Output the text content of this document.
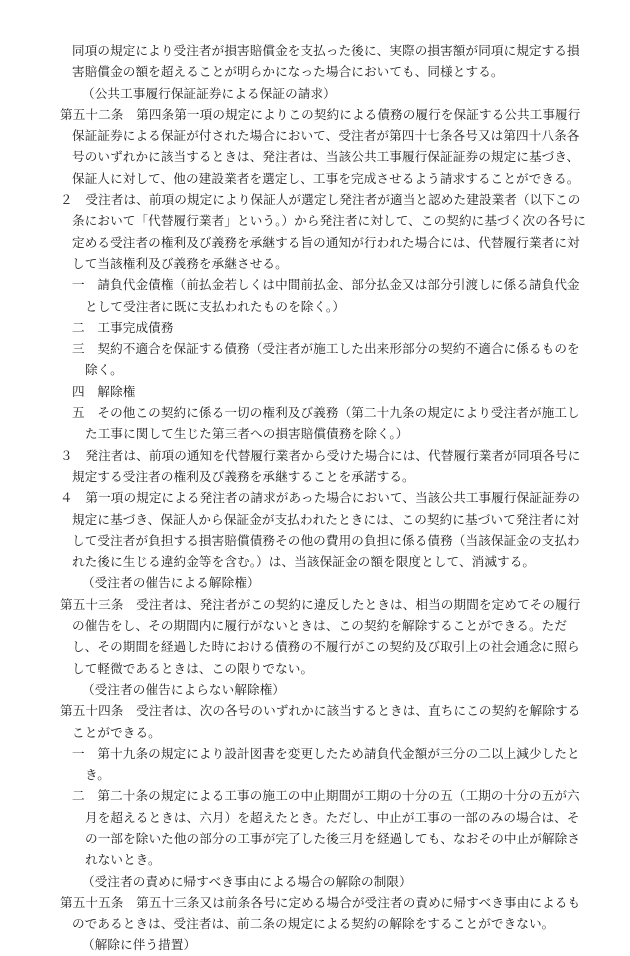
同項の規定により受注者が損害賠償金を支払った後に、実際の損害額が同項に規定する損害賠償金の額を超えることが明らかになった場合においても、同様とする。

（公共工事履行保証証券による保証の請求）

第五十二条　第四条第一項の規定によりこの契約による債務の履行を保証する公共工事履行保証証券による保証が付された場合において、受注者が第四十七条各号又は第四十八条各号のいずれかに該当するときは、発注者は、当該公共工事履行保証証券の規定に基づき、保証人に対して、他の建設業者を選定し、工事を完成させるよう請求することができる。

２　受注者は、前項の規定により保証人が選定し発注者が適当と認めた建設業者（以下この条において「代替履行業者」という。）から発注者に対して、この契約に基づく次の各号に定める受注者の権利及び義務を承継する旨の通知が行われた場合には、代替履行業者に対して当該権利及び義務を承継させる。

一　請負代金債権（前払金若しくは中間前払金、部分払金又は部分引渡しに係る請負代金として受注者に既に支払われたものを除く。）

二　工事完成債務

三　契約不適合を保証する債務（受注者が施工した出来形部分の契約不適合に係るものを除く。

四　解除権

五　その他この契約に係る一切の権利及び義務（第二十九条の規定により受注者が施工した工事に関して生じた第三者への損害賠償債務を除く。）

３　発注者は、前項の通知を代替履行業者から受けた場合には、代替履行業者が同項各号に規定する受注者の権利及び義務を承継することを承諾する。

４　第一項の規定による発注者の請求があった場合において、当該公共工事履行保証証券の規定に基づき、保証人から保証金が支払われたときには、この契約に基づいて発注者に対して受注者が負担する損害賠償債務その他の費用の負担に係る債務（当該保証金の支払われた後に生じる違約金等を含む。）は、当該保証金の額を限度として、消滅する。

（受注者の催告による解除権）

第五十三条　受注者は、発注者がこの契約に違反したときは、相当の期間を定めてその履行の催告をし、その期間内に履行がないときは、この契約を解除することができる。ただし、その期間を経過した時における債務の不履行がこの契約及び取引上の社会通念に照らして軽微であるときは、この限りでない。

（受注者の催告によらない解除権）

第五十四条　受注者は、次の各号のいずれかに該当するときは、直ちにこの契約を解除することができる。

一　第十九条の規定により設計図書を変更したため請負代金額が三分の二以上減少したとき。

二　第二十条の規定による工事の施工の中止期間が工期の十分の五（工期の十分の五が六月を超えるときは、六月）を超えたとき。ただし、中止が工事の一部のみの場合は、その一部を除いた他の部分の工事が完了した後三月を経過しても、なおその中止が解除されないとき。

（受注者の責めに帰すべき事由による場合の解除の制限）

第五十五条　第五十三条又は前条各号に定める場合が受注者の責めに帰すべき事由によるものであるときは、受注者は、前二条の規定による契約の解除をすることができない。

（解除に伴う措置）
